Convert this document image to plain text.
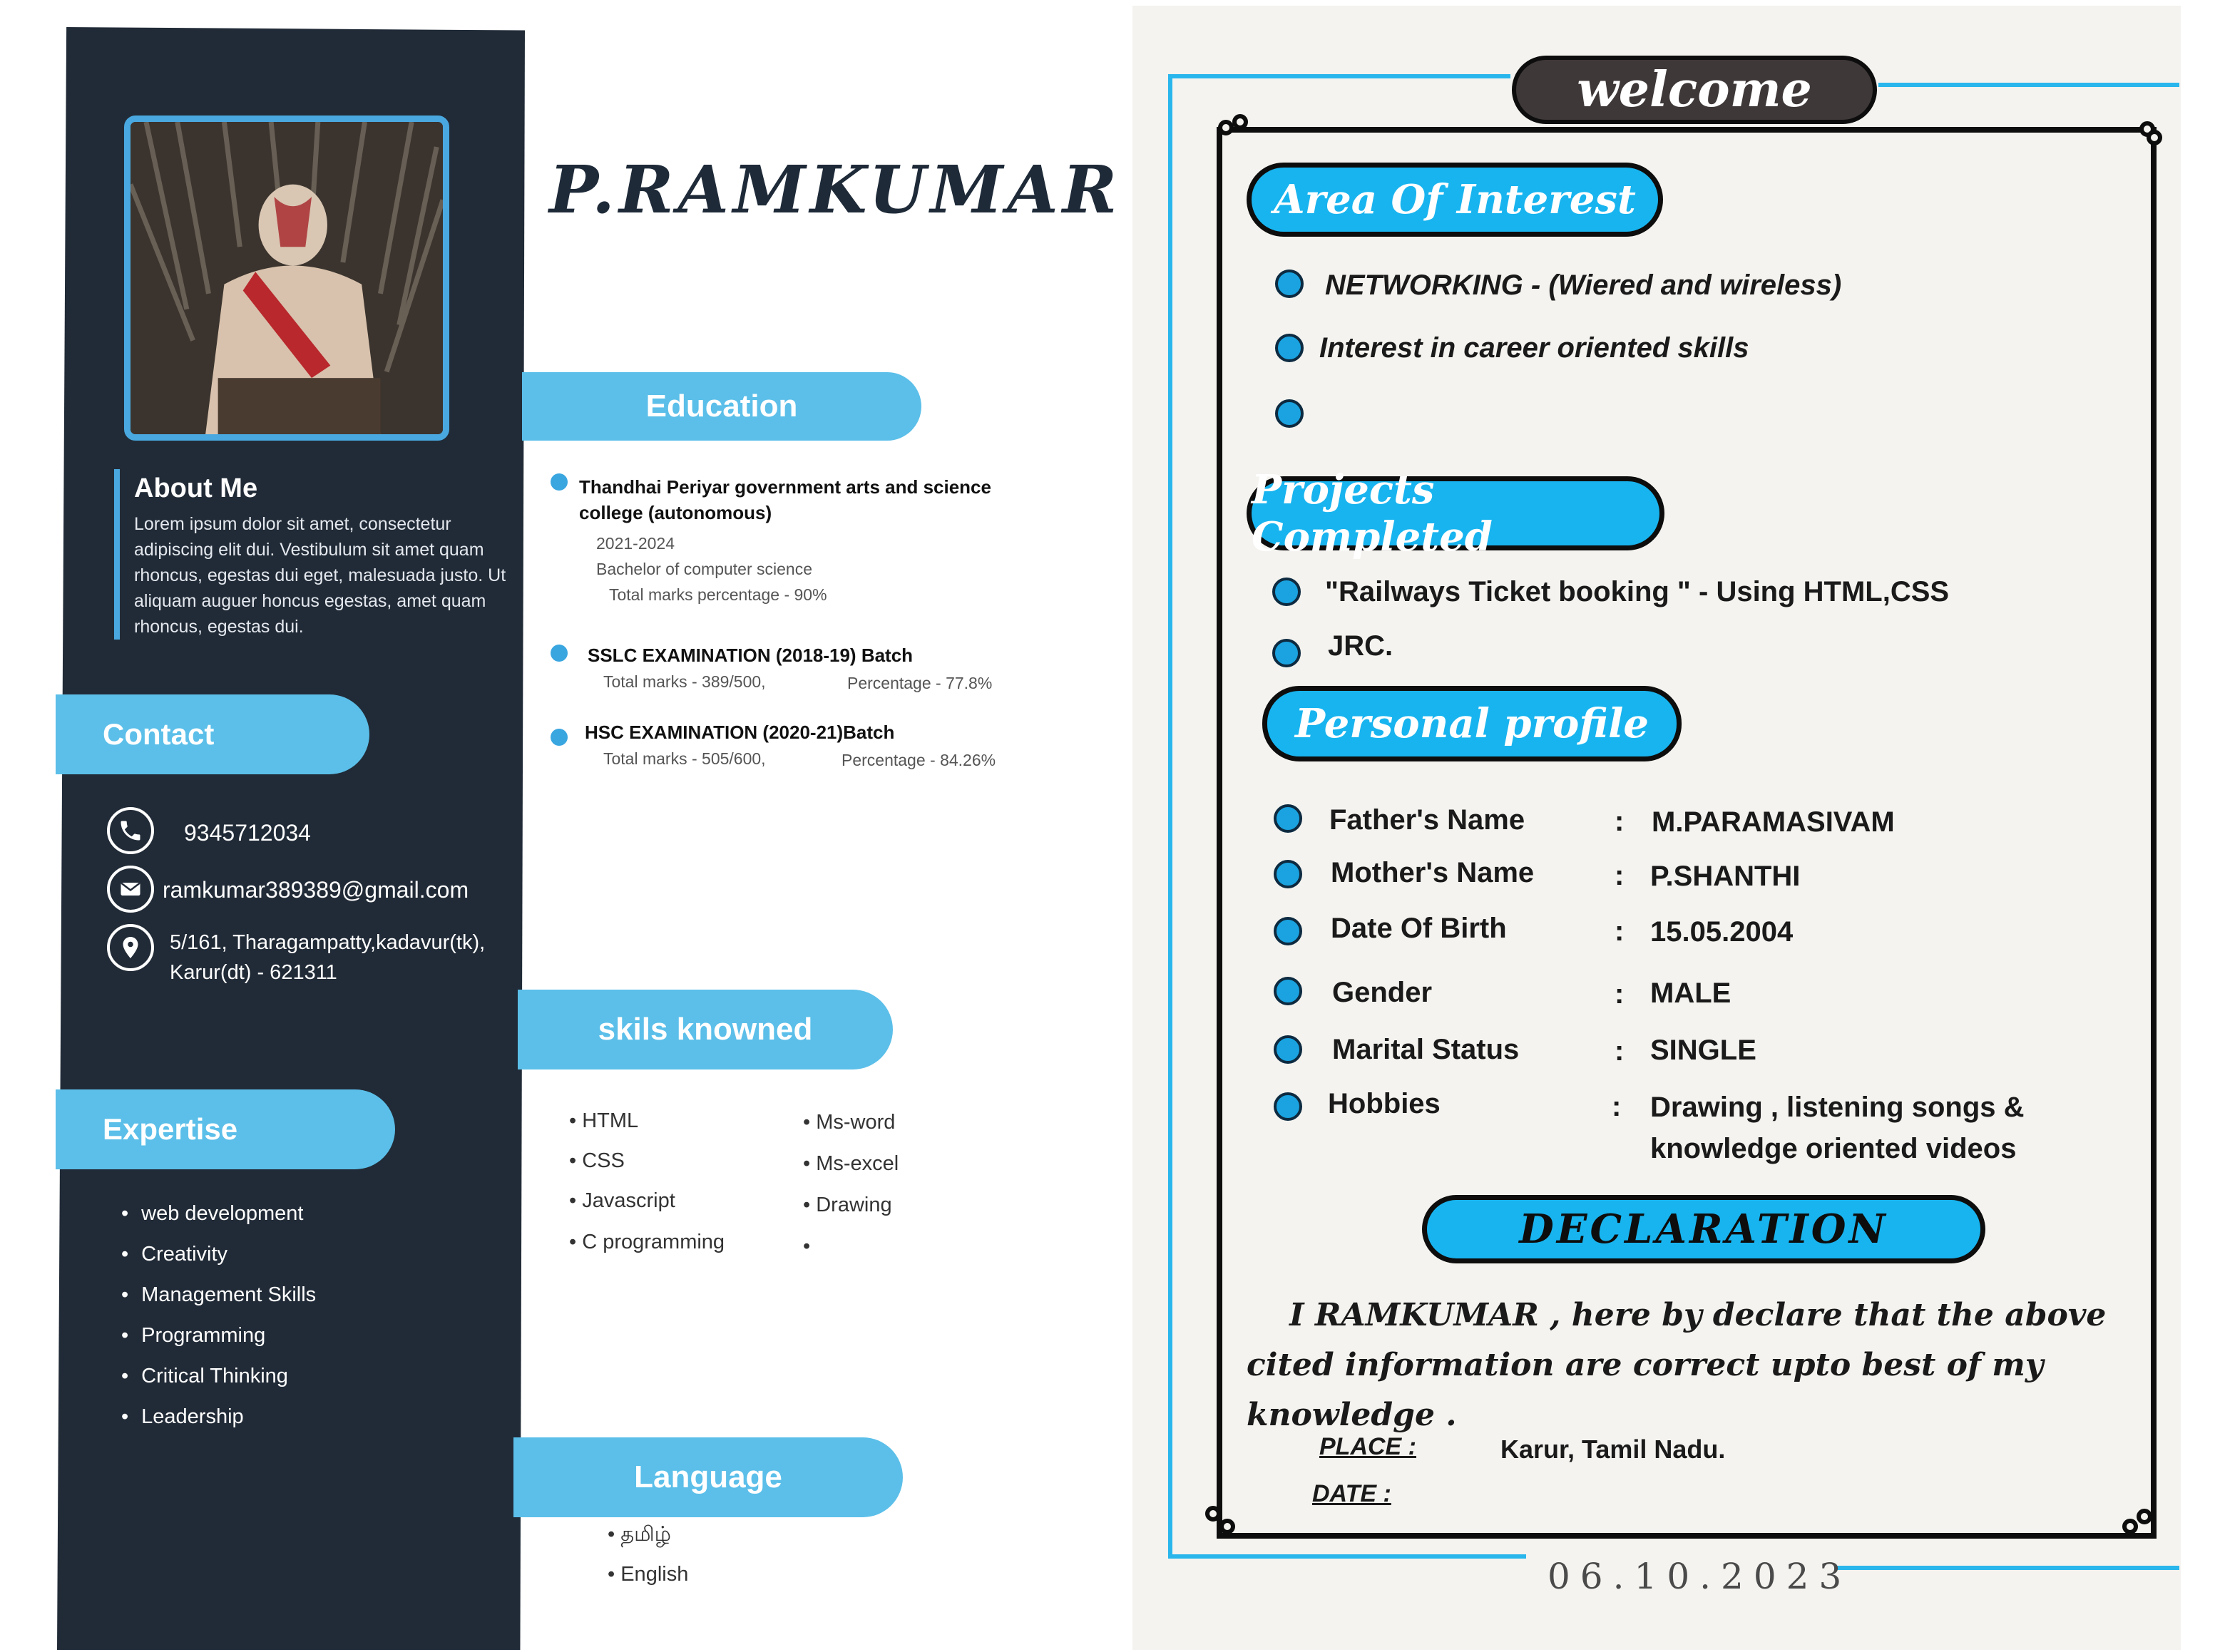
About Me
Lorem ipsum dolor sit amet, consectetur adipiscing elit dui. Vestibulum sit amet quam rhoncus, egestas dui eget, malesuada justo. Ut aliquam auguer honcus egestas, amet quam rhoncus, egestas dui.
Contact
9345712034
ramkumar389389@gmail.com
5/161, Tharagampatty,kadavur(tk),
Karur(dt) - 621311
Expertise
• web development
• Creativity
• Management Skills
• Programming
• Critical Thinking
• Leadership
P.RAMKUMAR
Education
Thandhai Periyar government arts and science
college (autonomous)
2021-2024
Bachelor of computer science
Total marks percentage - 90%
SSLC EXAMINATION (2018-19) Batch
Total marks - 389/500,	Percentage - 77.8%
HSC EXAMINATION (2020-21)Batch
Total marks - 505/600,	Percentage - 84.26%
skils knowned
• HTML
• CSS
• Javascript
• C programming
• Ms-word
• Ms-excel
• Drawing
•
Language
• தமிழ்
• English
welcome
Area Of Interest
NETWORKING - (Wiered and wireless)
Interest in career oriented skills
Projects Completed
"Railways Ticket booking " - Using HTML,CSS
JRC.
Personal profile
Father's Name	: M.PARAMASIVAM
Mother's Name	: P.SHANTHI
Date Of Birth	: 15.05.2004
Gender	: MALE
Marital Status	: SINGLE
Hobbies	: Drawing , listening songs &
knowledge oriented videos
DECLARATION
I RAMKUMAR , here by declare that the above cited information are correct upto best of my knowledge .
PLACE :	Karur, Tamil Nadu.
DATE :
06.10.2023
